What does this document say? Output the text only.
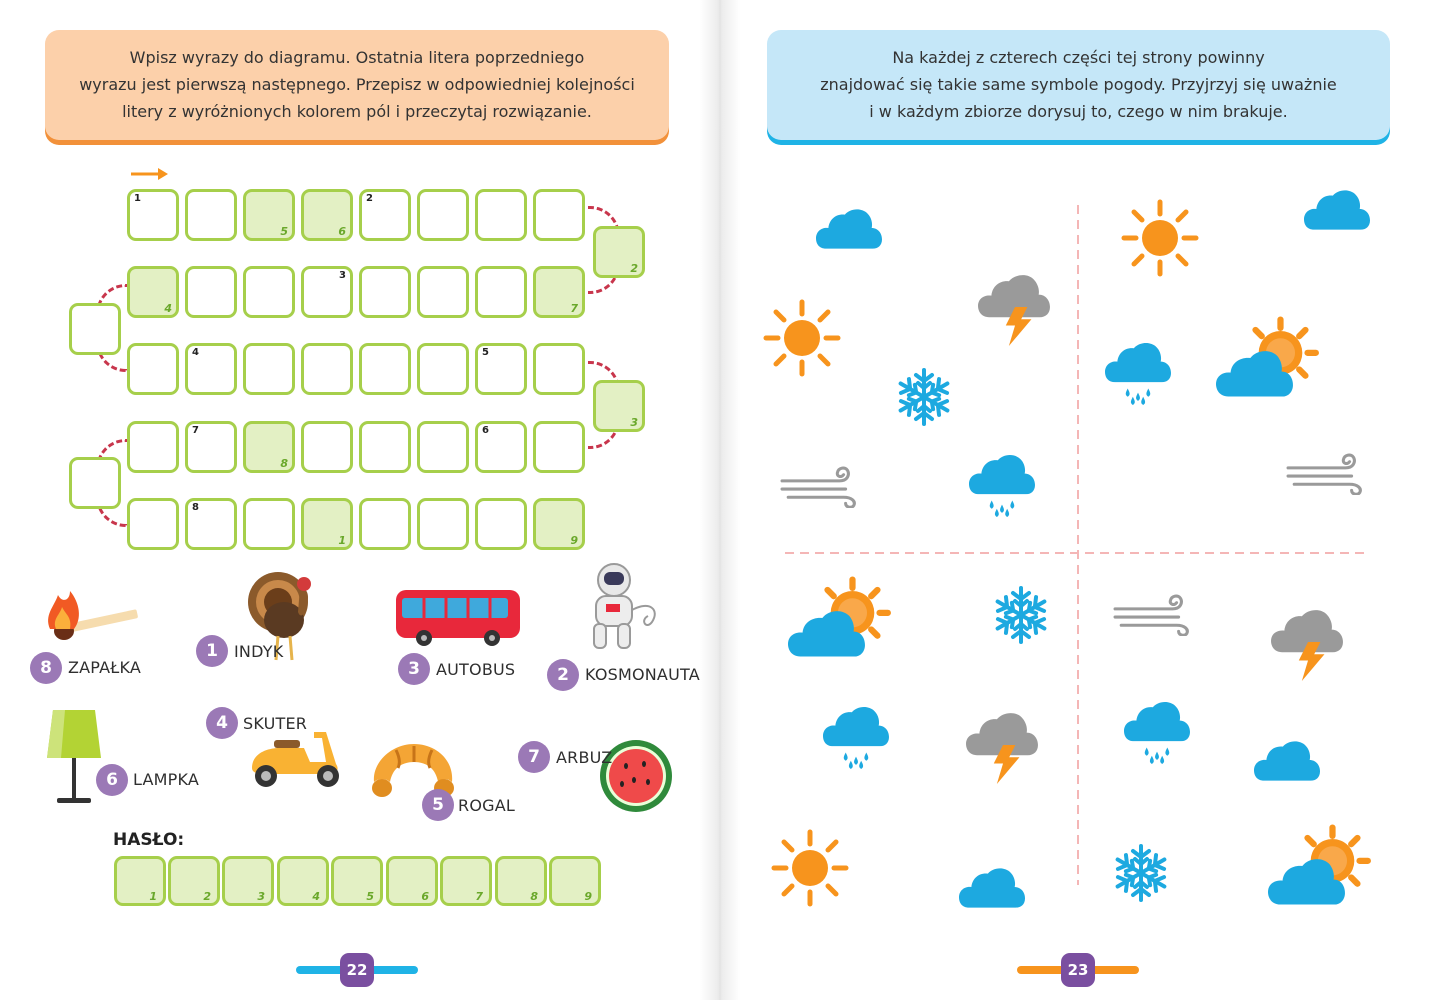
Wpisz wyrazy do diagramu. Ostatnia litera poprzedniego
wyrazu jest pierwszą następnego. Przepisz w odpowiedniej kolejności
litery z wyróżnionych kolorem pól i przeczytaj rozwiązanie.
Na każdej z czterech części tej strony powinny
znajdować się takie same symbole pogody. Przyjrzyj się uważnie
i w każdym zbiorze dorysuj to, czego w nim brakuje.
1
5	6
2
2
4
3
7
4	5
3
7
8
6
8
1	9
8	ZAPAŁKA
1	INDYK
3	AUTOBUS	2	KOSMONAUTA
4 SKUTER
6 LAMPKA
5 ROGAL
7	ARBUZ
HASŁO:
1	2	3	4	5	6	7	8	9
22	23
